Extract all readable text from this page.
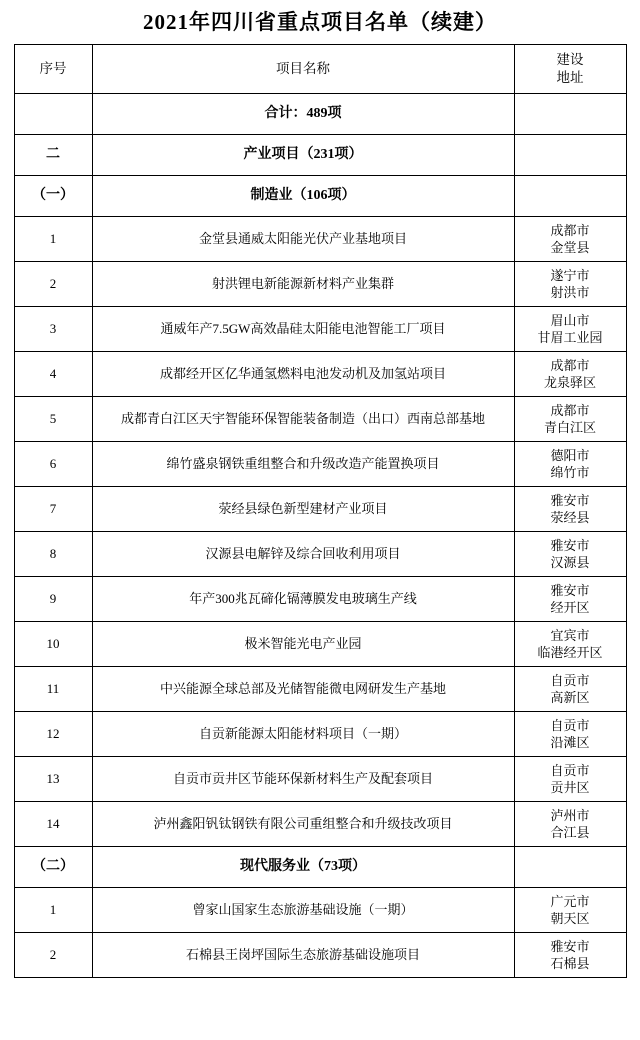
2021年四川省重点项目名单（续建）
序号	项目名称	建设
地址

	合计：489项	
二	产业项目（231项）	
（一）	制造业（106项）	
1	金堂县通威太阳能光伏产业基地项目	成都市
金堂县

2	射洪锂电新能源新材料产业集群	遂宁市
射洪市

3	通威年产7.5GW高效晶硅太阳能电池智能工厂项目	眉山市
甘眉工业园

4	成都经开区亿华通氢燃料电池发动机及加氢站项目	成都市
龙泉驿区

5	成都青白江区天宇智能环保智能装备制造（出口）西南总部基地	成都市
青白江区

6	绵竹盛泉钢铁重组整合和升级改造产能置换项目	德阳市
绵竹市

7	荥经县绿色新型建材产业项目	雅安市
荥经县

8	汉源县电解锌及综合回收利用项目	雅安市
汉源县

9	年产300兆瓦碲化镉薄膜发电玻璃生产线	雅安市
经开区

10	极米智能光电产业园	宜宾市
临港经开区

11	中兴能源全球总部及光储智能微电网研发生产基地	自贡市
高新区

12	自贡新能源太阳能材料项目（一期）	自贡市
沿滩区

13	自贡市贡井区节能环保新材料生产及配套项目	自贡市
贡井区

14	泸州鑫阳钒钛钢铁有限公司重组整合和升级技改项目	泸州市
合江县

（二）	现代服务业（73项）	
1	曾家山国家生态旅游基础设施（一期）	广元市
朝天区

2	石棉县王岗坪国际生态旅游基础设施项目	雅安市
石棉县
